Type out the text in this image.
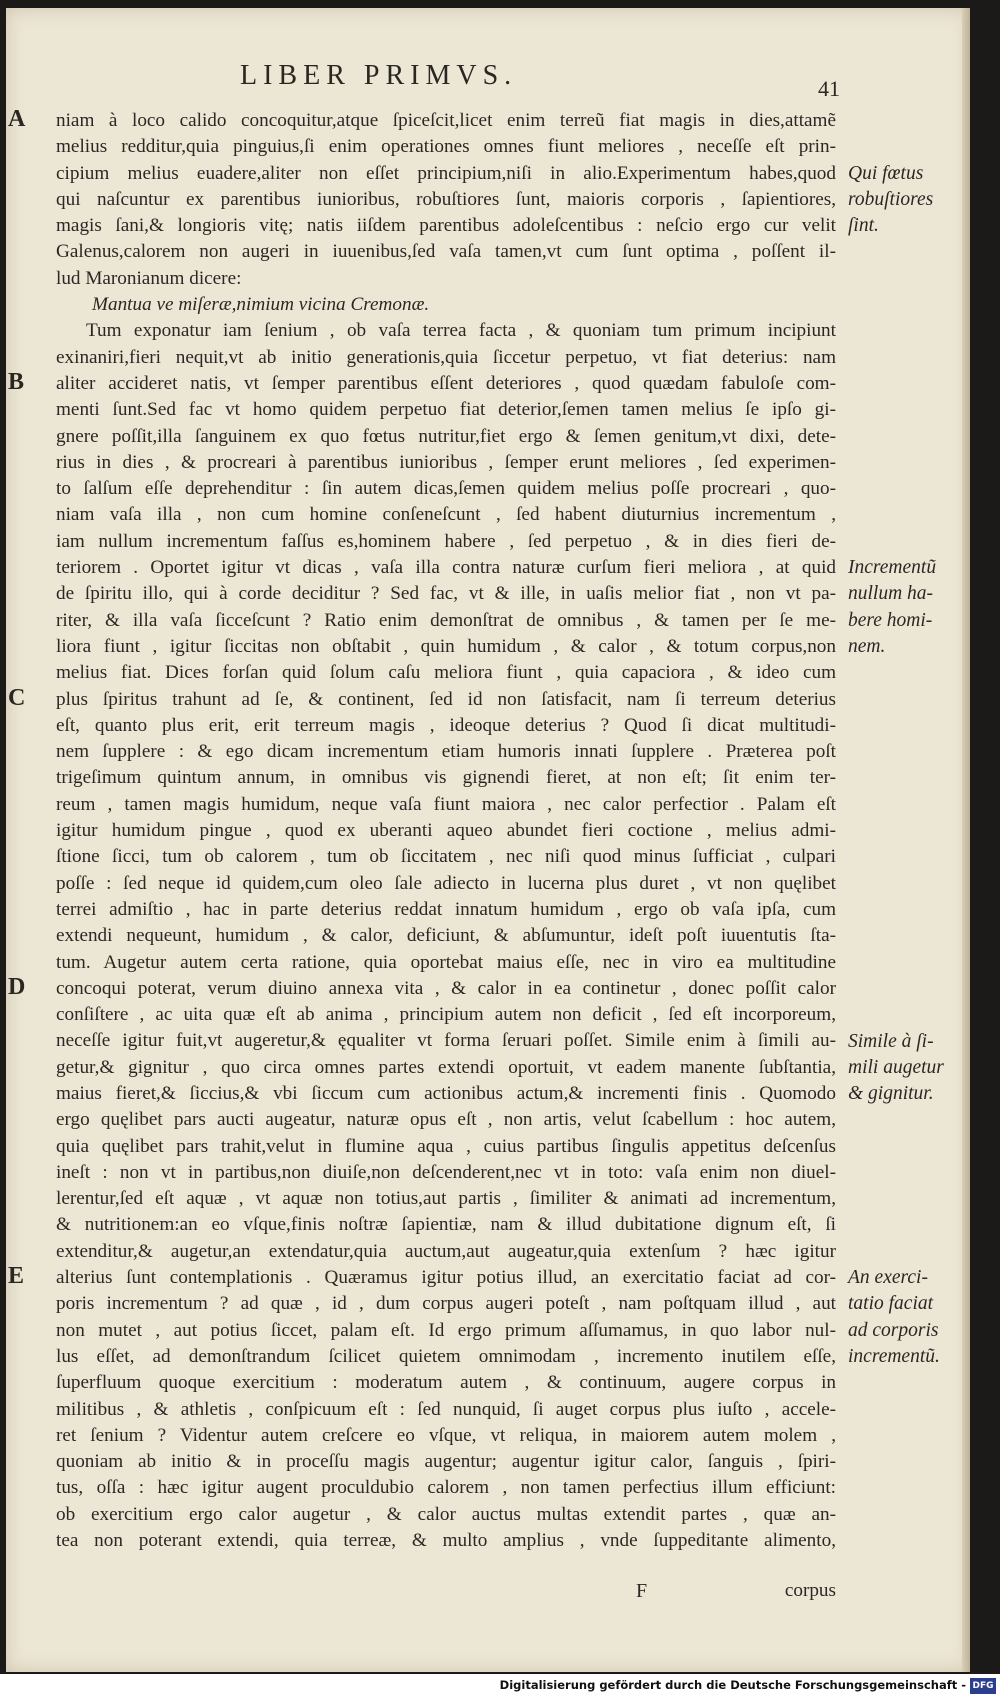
LIBER PRIMVS.	41
A
B
C
D
E
niam à loco calido concoquitur,atque ſpiceſcit,licet enim terreũ fiat magis in dies,attamẽ
melius redditur,quia pinguius,ſi enim operationes omnes fiunt meliores , neceſſe eſt prin-
cipium melius euadere,aliter non eſſet principium,niſi in alio.Experimentum habes,quod
qui naſcuntur ex parentibus iunioribus, robuſtiores ſunt, maioris corporis , ſapientiores,
magis ſani,& longioris vitę; natis iiſdem parentibus adoleſcentibus : neſcio ergo cur velit
Galenus,calorem non augeri in iuuenibus,ſed vaſa tamen,vt cum ſunt optima , poſſent il-
lud Maronianum dicere:
Mantua ve miſeræ,nimium vicina Cremonæ.
Tum exponatur iam ſenium , ob vaſa terrea facta , & quoniam tum primum incipiunt
exinaniri,fieri nequit,vt ab initio generationis,quia ſiccetur perpetuo, vt fiat deterius: nam
aliter accideret natis, vt ſemper parentibus eſſent deteriores , quod quædam fabuloſe com-
menti ſunt.Sed fac vt homo quidem perpetuo fiat deterior,ſemen tamen melius ſe ipſo gi-
gnere poſſit,illa ſanguinem ex quo fœtus nutritur,fiet ergo & ſemen genitum,vt dixi, dete-
rius in dies , & procreari à parentibus iunioribus , ſemper erunt meliores , ſed experimen-
to ſalſum eſſe deprehenditur : ſin autem dicas,ſemen quidem melius poſſe procreari , quo-
niam vaſa illa , non cum homine conſeneſcunt , ſed habent diuturnius incrementum ,
iam nullum incrementum faſſus es,hominem habere , ſed perpetuo , & in dies fieri de-
teriorem . Oportet igitur vt dicas , vaſa illa contra naturæ curſum fieri meliora , at quid
de ſpiritu illo, qui à corde deciditur ? Sed fac, vt & ille, in uaſis melior fiat , non vt pa-
riter, & illa vaſa ſicceſcunt ? Ratio enim demonſtrat de omnibus , & tamen per ſe me-
liora fiunt , igitur ſiccitas non obſtabit , quin humidum , & calor , & totum corpus,non
melius fiat. Dices forſan quid ſolum caſu meliora fiunt , quia capaciora , & ideo cum
plus ſpiritus trahunt ad ſe, & continent, ſed id non ſatisfacit, nam ſi terreum deterius
eſt, quanto plus erit, erit terreum magis , ideoque deterius ? Quod ſi dicat multitudi-
nem ſupplere : & ego dicam incrementum etiam humoris innati ſupplere . Præterea poſt
trigeſimum quintum annum, in omnibus vis gignendi fieret, at non eſt; ſit enim ter-
reum , tamen magis humidum, neque vaſa fiunt maiora , nec calor perfectior . Palam eſt
igitur humidum pingue , quod ex uberanti aqueo abundet fieri coctione , melius admi-
ſtione ſicci, tum ob calorem , tum ob ſiccitatem , nec niſi quod minus ſufficiat , culpari
poſſe : ſed neque id quidem,cum oleo ſale adiecto in lucerna plus duret , vt non quęlibet
terrei admiſtio , hac in parte deterius reddat innatum humidum , ergo ob vaſa ipſa, cum
extendi nequeunt, humidum , & calor, deficiunt, & abſumuntur, ideſt poſt iuuentutis ſta-
tum. Augetur autem certa ratione, quia oportebat maius eſſe, nec in viro ea multitudine
concoqui poterat, verum diuino annexa vita , & calor in ea continetur , donec poſſit calor
conſiſtere , ac uita quæ eſt ab anima , principium autem non deficit , ſed eſt incorporeum,
neceſſe igitur fuit,vt augeretur,& ęqualiter vt forma ſeruari poſſet. Simile enim à ſimili au-
getur,& gignitur , quo circa omnes partes extendi oportuit, vt eadem manente ſubſtantia,
maius fieret,& ſiccius,& vbi ſiccum cum actionibus actum,& incrementi finis . Quomodo
ergo quęlibet pars aucti augeatur, naturæ opus eſt , non artis, velut ſcabellum : hoc autem,
quia quęlibet pars trahit,velut in flumine aqua , cuius partibus ſingulis appetitus deſcenſus
ineſt : non vt in partibus,non diuiſe,non deſcenderent,nec vt in toto: vaſa enim non diuel-
lerentur,ſed eſt aquæ , vt aquæ non totius,aut partis , ſimiliter & animati ad incrementum,
& nutritionem:an eo vſque,finis noſtræ ſapientiæ, nam & illud dubitatione dignum eſt, ſi
extenditur,& augetur,an extendatur,quia auctum,aut augeatur,quia extenſum ? hæc igitur
alterius ſunt contemplationis . Quæramus igitur potius illud, an exercitatio faciat ad cor-
poris incrementum ? ad quæ , id , dum corpus augeri poteſt , nam poſtquam illud , aut
non mutet , aut potius ſiccet, palam eſt. Id ergo primum aſſumamus, in quo labor nul-
lus eſſet, ad demonſtrandum ſcilicet quietem omnimodam , incremento inutilem eſſe,
ſuperfluum quoque exercitium : moderatum autem , & continuum, augere corpus in
militibus , & athletis , conſpicuum eſt : ſed nunquid, ſi auget corpus plus iuſto , accele-
ret ſenium ? Videntur autem creſcere eo vſque, vt reliqua, in maiorem autem molem ,
quoniam ab initio & in proceſſu magis augentur; augentur igitur calor, ſanguis , ſpiri-
tus, oſſa : hæc igitur augent proculdubio calorem , non tamen perfectius illum efficiunt:
ob exercitium ergo calor augetur , & calor auctus multas extendit partes , quæ an-
tea non poterant extendi, quia terreæ, & multo amplius , vnde ſuppeditante alimento,
Qui fœtus
robuſtiores
ſint.
Incrementũ
nullum ha-
bere homi-
nem.
Simile à ſi-
mili augetur
& gignitur.
An exerci-
tatio faciat
ad corporis
incrementũ.
F	corpus
Digitalisierung gefördert durch die Deutsche Forschungsgemeinschaft - DFG
